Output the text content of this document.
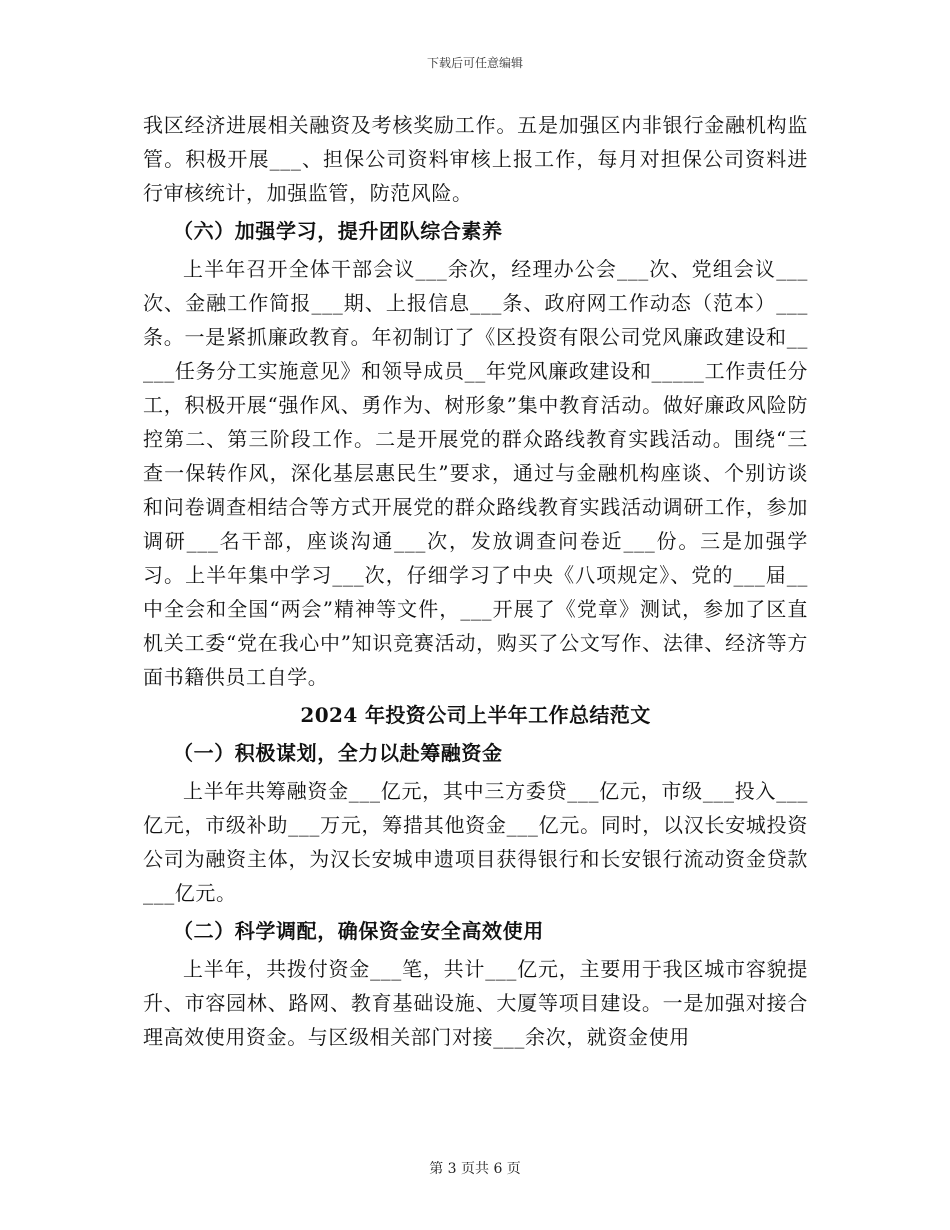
下载后可任意编辑

我区经济进展相关融资及考核奖励工作。五是加强区内非银行金融机构监管。积极开展___、担保公司资料审核上报工作，每月对担保公司资料进行审核统计，加强监管，防范风险。

（六）加强学习，提升团队综合素养

上半年召开全体干部会议___余次，经理办公会___次、党组会议___次、金融工作简报___期、上报信息___条、政府网工作动态（范本）___条。一是紧抓廉政教育。年初制订了《区投资有限公司党风廉政建设和_____任务分工实施意见》和领导成员__年党风廉政建设和_____工作责任分工，积极开展“强作风、勇作为、树形象”集中教育活动。做好廉政风险防控第二、第三阶段工作。二是开展党的群众路线教育实践活动。围绕“三查一保转作风，深化基层惠民生”要求，通过与金融机构座谈、个别访谈和问卷调查相结合等方式开展党的群众路线教育实践活动调研工作，参加调研___名干部，座谈沟通___次，发放调查问卷近___份。三是加强学习。上半年集中学习___次，仔细学习了中央《八项规定》、党的___届__中全会和全国“两会”精神等文件，___开展了《党章》测试，参加了区直机关工委“党在我心中”知识竞赛活动，购买了公文写作、法律、经济等方面书籍供员工自学。

2024 年投资公司上半年工作总结范文

（一）积极谋划，全力以赴筹融资金

上半年共筹融资金___亿元，其中三方委贷___亿元，市级___投入___亿元，市级补助___万元，筹措其他资金___亿元。同时，以汉长安城投资公司为融资主体，为汉长安城申遗项目获得银行和长安银行流动资金贷款___亿元。

（二）科学调配，确保资金安全高效使用

上半年，共拨付资金___笔，共计___亿元，主要用于我区城市容貌提升、市容园林、路网、教育基础设施、大厦等项目建设。一是加强对接合理高效使用资金。与区级相关部门对接___余次，就资金使用

第 3 页共 6 页
